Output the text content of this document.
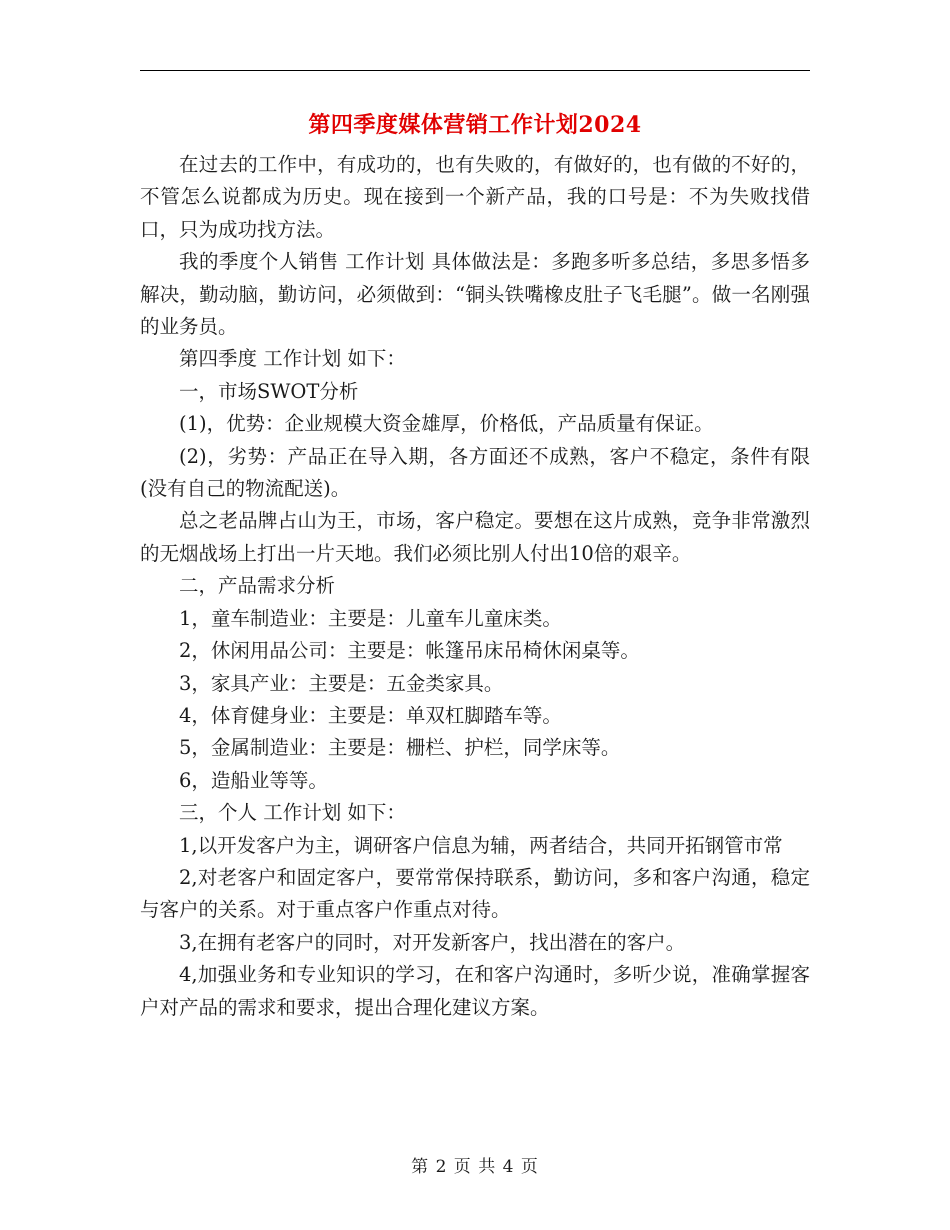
第四季度媒体营销工作计划2024

在过去的工作中，有成功的，也有失败的，有做好的，也有做的不好的，不管怎么说都成为历史。现在接到一个新产品，我的口号是：不为失败找借口，只为成功找方法。

我的季度个人销售 工作计划 具体做法是：多跑多听多总结，多思多悟多解决，勤动脑，勤访问，必须做到：“铜头铁嘴橡皮肚子飞毛腿”。做一名刚强的业务员。

第四季度 工作计划 如下：

一，市场SWOT分析

(1)，优势：企业规模大资金雄厚，价格低，产品质量有保证。

(2)，劣势：产品正在导入期，各方面还不成熟，客户不稳定，条件有限(没有自己的物流配送)。

总之老品牌占山为王，市场，客户稳定。要想在这片成熟，竞争非常激烈的无烟战场上打出一片天地。我们必须比别人付出10倍的艰辛。

二，产品需求分析

1，童车制造业：主要是：儿童车儿童床类。

2，休闲用品公司：主要是：帐篷吊床吊椅休闲桌等。

3，家具产业：主要是：五金类家具。

4，体育健身业：主要是：单双杠脚踏车等。

5，金属制造业：主要是：栅栏、护栏，同学床等。

6，造船业等等。

三，个人 工作计划 如下：

1,以开发客户为主，调研客户信息为辅，两者结合，共同开拓钢管市常

2,对老客户和固定客户，要常常保持联系，勤访问，多和客户沟通，稳定与客户的关系。对于重点客户作重点对待。

3,在拥有老客户的同时，对开发新客户，找出潜在的客户。

4,加强业务和专业知识的学习，在和客户沟通时，多听少说，准确掌握客户对产品的需求和要求，提出合理化建议方案。

第 2 页 共 4 页
